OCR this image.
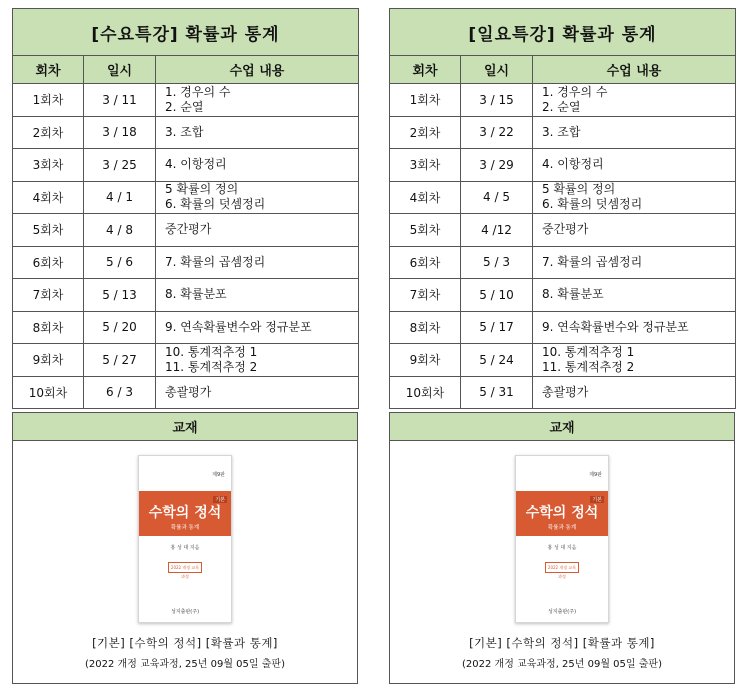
[수요특강] 확률과 통계		
회차	일시	수업 내용
1회차	3 / 11	1. 경우의 수
2. 순열

2회차	3 / 18	3. 조합

3회차	3 / 25	4. 이항정리

4회차	4 / 1	5 확률의 정의
6. 확률의 덧셈정리

5회차	4 / 8	중간평가

6회차	5 / 6	7. 확률의 곱셈정리

7회차	5 / 13	8. 확률분포

8회차	5 / 20	9. 연속확률변수와 정규분포

9회차	5 / 27	10. 통계적추정 1
11. 통계적추정 2

10회차	6 / 3	총괄평가
교재

제9판
기본
수학의 정석
확률과 통계
홍 성 대 지음
2022 개정 교육과정
성지출판(주)
[기본] [수학의 정석] [확률과 통계]
(2022 개정 교육과정, 25년 09월 05일 출판)
[일요특강] 확률과 통계		
회차	일시	수업 내용
1회차	3 / 15	1. 경우의 수
2. 순열

2회차	3 / 22	3. 조합

3회차	3 / 29	4. 이항정리

4회차	4 / 5	5 확률의 정의
6. 확률의 덧셈정리

5회차	4 /12	중간평가

6회차	5 / 3	7. 확률의 곱셈정리

7회차	5 / 10	8. 확률분포

8회차	5 / 17	9. 연속확률변수와 정규분포

9회차	5 / 24	10. 통계적추정 1
11. 통계적추정 2

10회차	5 / 31	총괄평가
교재

제9판
기본
수학의 정석
확률과 통계
홍 성 대 지음
2022 개정 교육과정
성지출판(주)
[기본] [수학의 정석] [확률과 통계]
(2022 개정 교육과정, 25년 09월 05일 출판)
